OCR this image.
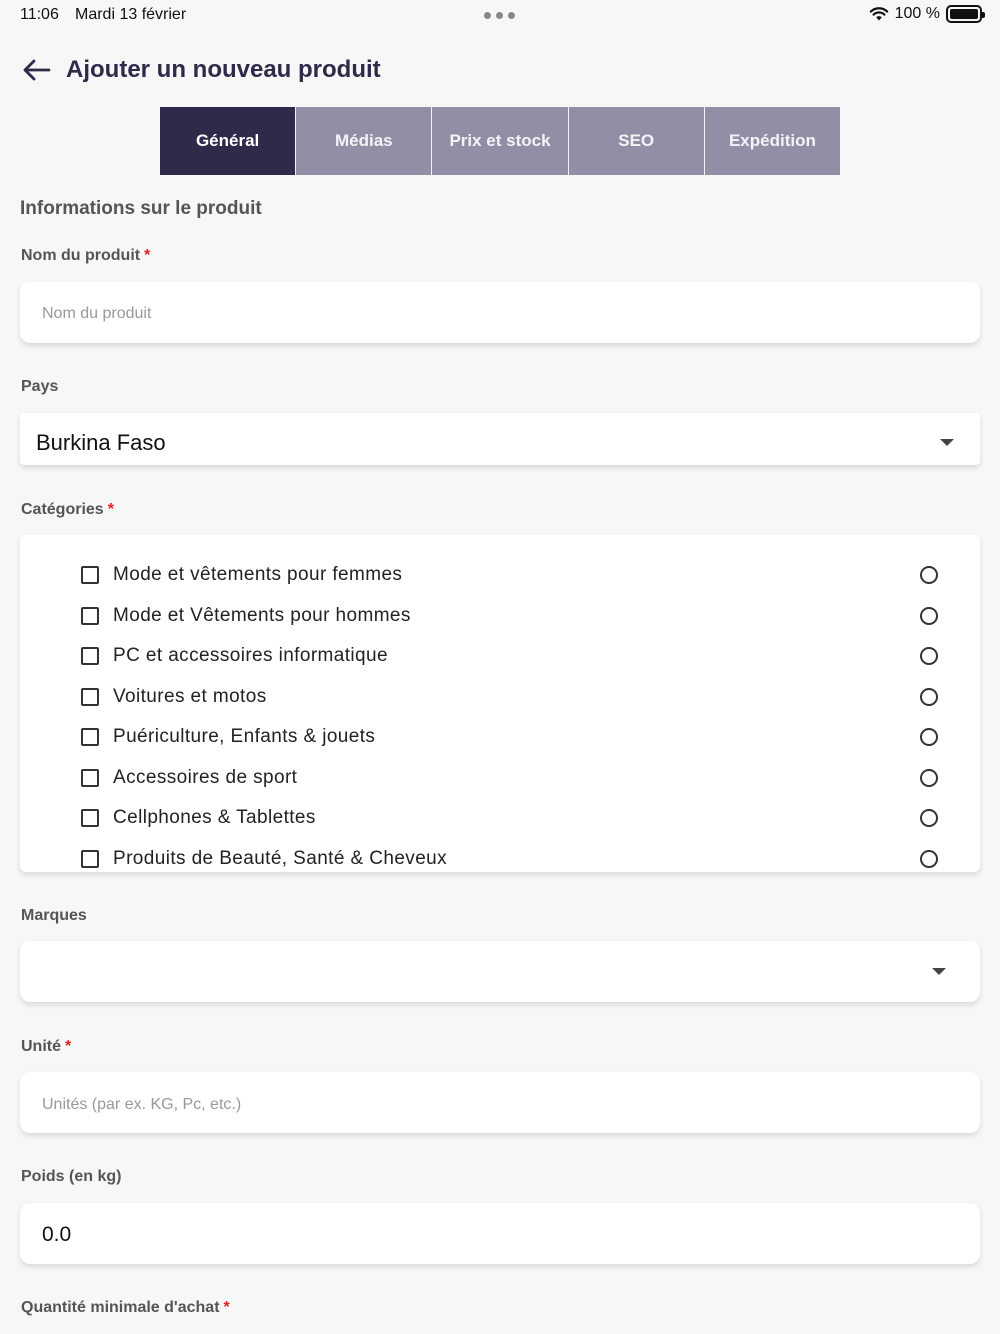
11:06 Mardi 13 février	100 %
Ajouter un nouveau produit
Général	Médias	Prix et stock	SEO	Expédition
Informations sur le produit
Nom du produit *
Nom du produit
Pays
Burkina Faso
Catégories *
Mode et vêtements pour femmes
Mode et Vêtements pour hommes
PC et accessoires informatique
Voitures et motos
Puériculture, Enfants & jouets
Accessoires de sport
Cellphones & Tablettes
Produits de Beauté, Santé & Cheveux
Marques
Unité *
Unités (par ex. KG, Pc, etc.)
Poids (en kg)
0.0
Quantité minimale d'achat *
